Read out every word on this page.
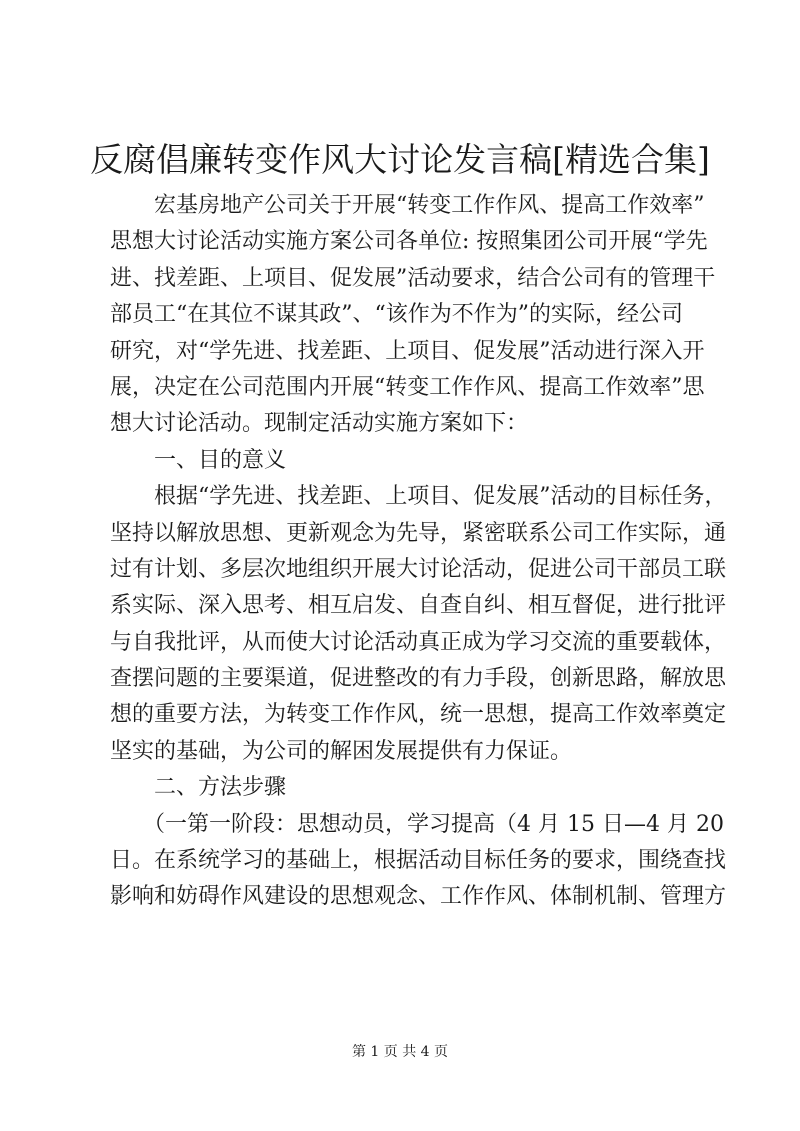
反腐倡廉转变作风大讨论发言稿[精选合集]
　　宏基房地产公司关于开展“转变工作作风、提高工作效率”
思想大讨论活动实施方案公司各单位: 按照集团公司开展“学先
进、找差距、上项目、促发展”活动要求，结合公司有的管理干
部员工“在其位不谋其政”、“该作为不作为”的实际，经公司
研究，对“学先进、找差距、上项目、促发展”活动进行深入开
展，决定在公司范围内开展“转变工作作风、提高工作效率”思
想大讨论活动。现制定活动实施方案如下：
　　一、目的意义
　　根据“学先进、找差距、上项目、促发展”活动的目标任务，
坚持以解放思想、更新观念为先导，紧密联系公司工作实际，通
过有计划、多层次地组织开展大讨论活动，促进公司干部员工联
系实际、深入思考、相互启发、自查自纠、相互督促，进行批评
与自我批评，从而使大讨论活动真正成为学习交流的重要载体，
查摆问题的主要渠道，促进整改的有力手段，创新思路，解放思
想的重要方法，为转变工作作风，统一思想，提高工作效率奠定
坚实的基础，为公司的解困发展提供有力保证。
　　二、方法步骤
　　（一第一阶段：思想动员，学习提高（4 月 15 日—4 月 20
日。在系统学习的基础上，根据活动目标任务的要求，围绕查找
影响和妨碍作风建设的思想观念、工作作风、体制机制、管理方
第 1 页 共 4 页
